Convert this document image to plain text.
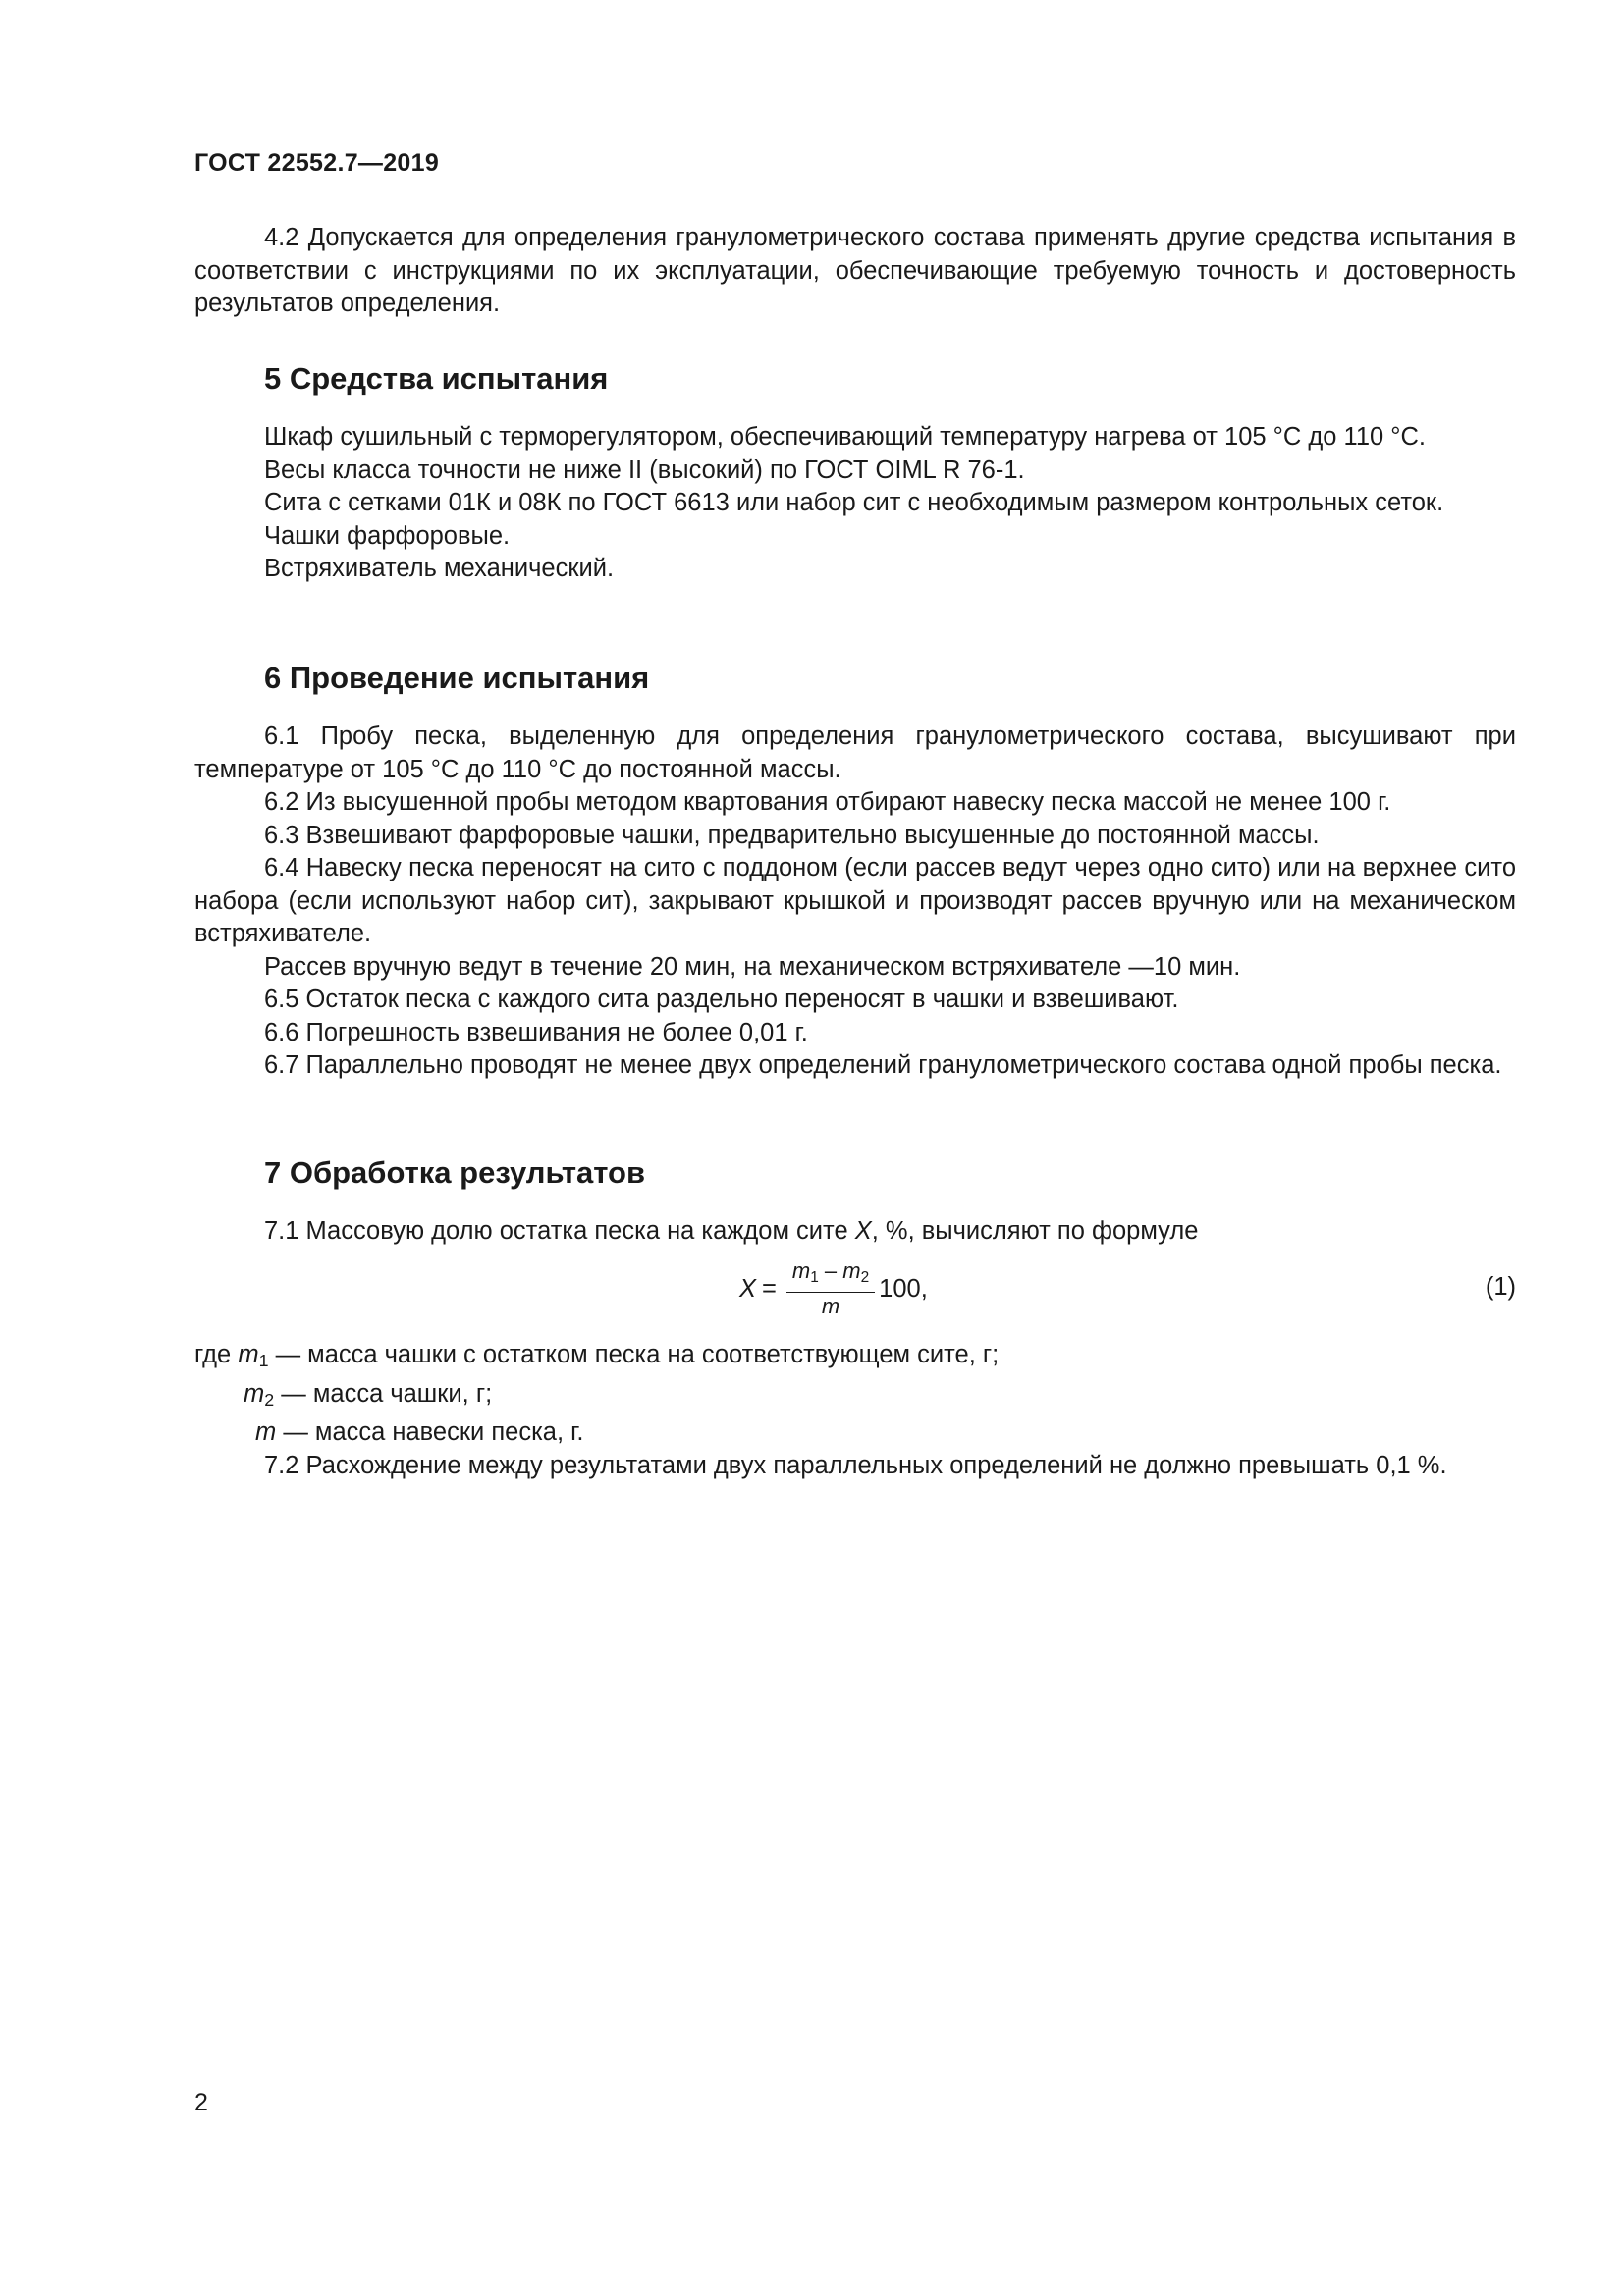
ГОСТ 22552.7—2019

4.2 Допускается для определения гранулометрического состава применять другие средства испытания в соответствии с инструкциями по их эксплуатации, обеспечивающие требуемую точность и достоверность результатов определения.

5 Средства испытания

Шкаф сушильный с терморегулятором, обеспечивающий температуру нагрева от 105 °С до 110 °С.

Весы класса точности не ниже II (высокий) по ГОСТ OIML R 76-1.

Сита с сетками 01К и 08К по ГОСТ 6613 или набор сит с необходимым размером контрольных сеток.

Чашки фарфоровые.

Встряхиватель механический.

6 Проведение испытания

6.1 Пробу песка, выделенную для определения гранулометрического состава, высушивают при температуре от 105 °С до 110 °С до постоянной массы.

6.2 Из высушенной пробы методом квартования отбирают навеску песка массой не менее 100 г.

6.3 Взвешивают фарфоровые чашки, предварительно высушенные до постоянной массы.

6.4 Навеску песка переносят на сито с поддоном (если рассев ведут через одно сито) или на верхнее сито набора (если используют набор сит), закрывают крышкой и производят рассев вручную или на механическом встряхивателе.

Рассев вручную ведут в течение 20 мин, на механическом встряхивателе —10 мин.

6.5 Остаток песка с каждого сита раздельно переносят в чашки и взвешивают.

6.6 Погрешность взвешивания не более 0,01 г.

6.7 Параллельно проводят не менее двух определений гранулометрического состава одной пробы песка.

7 Обработка результатов

7.1 Массовую долю остатка песка на каждом сите X, %, вычисляют по формуле

$X = \frac{m_1 - m_2}{m} 100$,	(1)

где $m_1$ — масса чашки с остатком песка на соответствующем сите, г;

$m_2$ — масса чашки, г;

m — масса навески песка, г.

7.2 Расхождение между результатами двух параллельных определений не должно превышать 0,1 %.

2
